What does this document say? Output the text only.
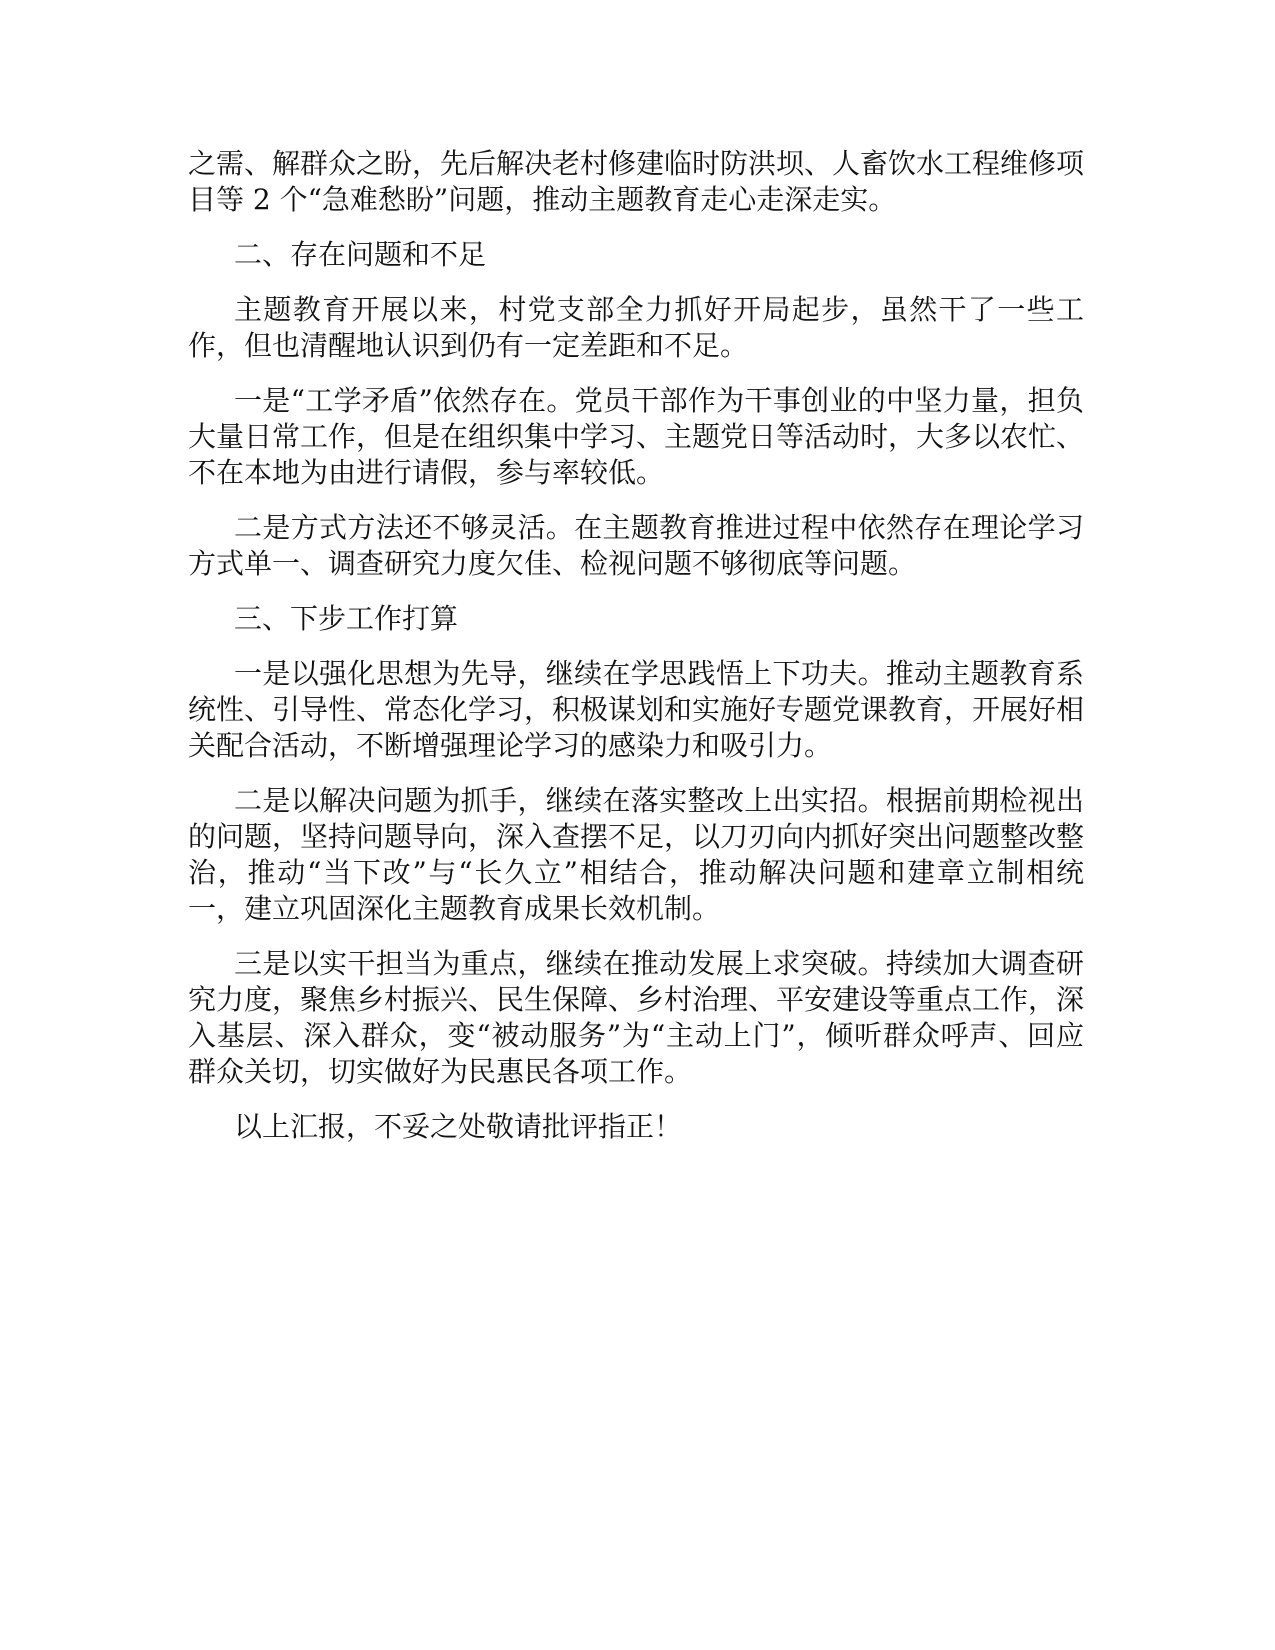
之需、解群众之盼，先后解决老村修建临时防洪坝、人畜饮水工程维修项目等 2 个“急难愁盼”问题，推动主题教育走心走深走实。

二、存在问题和不足

主题教育开展以来，村党支部全力抓好开局起步，虽然干了一些工作，但也清醒地认识到仍有一定差距和不足。

一是“工学矛盾”依然存在。党员干部作为干事创业的中坚力量，担负大量日常工作，但是在组织集中学习、主题党日等活动时，大多以农忙、不在本地为由进行请假，参与率较低。

二是方式方法还不够灵活。在主题教育推进过程中依然存在理论学习方式单一、调查研究力度欠佳、检视问题不够彻底等问题。

三、下步工作打算

一是以强化思想为先导，继续在学思践悟上下功夫。推动主题教育系统性、引导性、常态化学习，积极谋划和实施好专题党课教育，开展好相关配合活动，不断增强理论学习的感染力和吸引力。

二是以解决问题为抓手，继续在落实整改上出实招。根据前期检视出的问题，坚持问题导向，深入查摆不足，以刀刃向内抓好突出问题整改整治，推动“当下改”与“长久立”相结合，推动解决问题和建章立制相统一，建立巩固深化主题教育成果长效机制。

三是以实干担当为重点，继续在推动发展上求突破。持续加大调查研究力度，聚焦乡村振兴、民生保障、乡村治理、平安建设等重点工作，深入基层、深入群众，变“被动服务”为“主动上门”，倾听群众呼声、回应群众关切，切实做好为民惠民各项工作。

以上汇报，不妥之处敬请批评指正！
